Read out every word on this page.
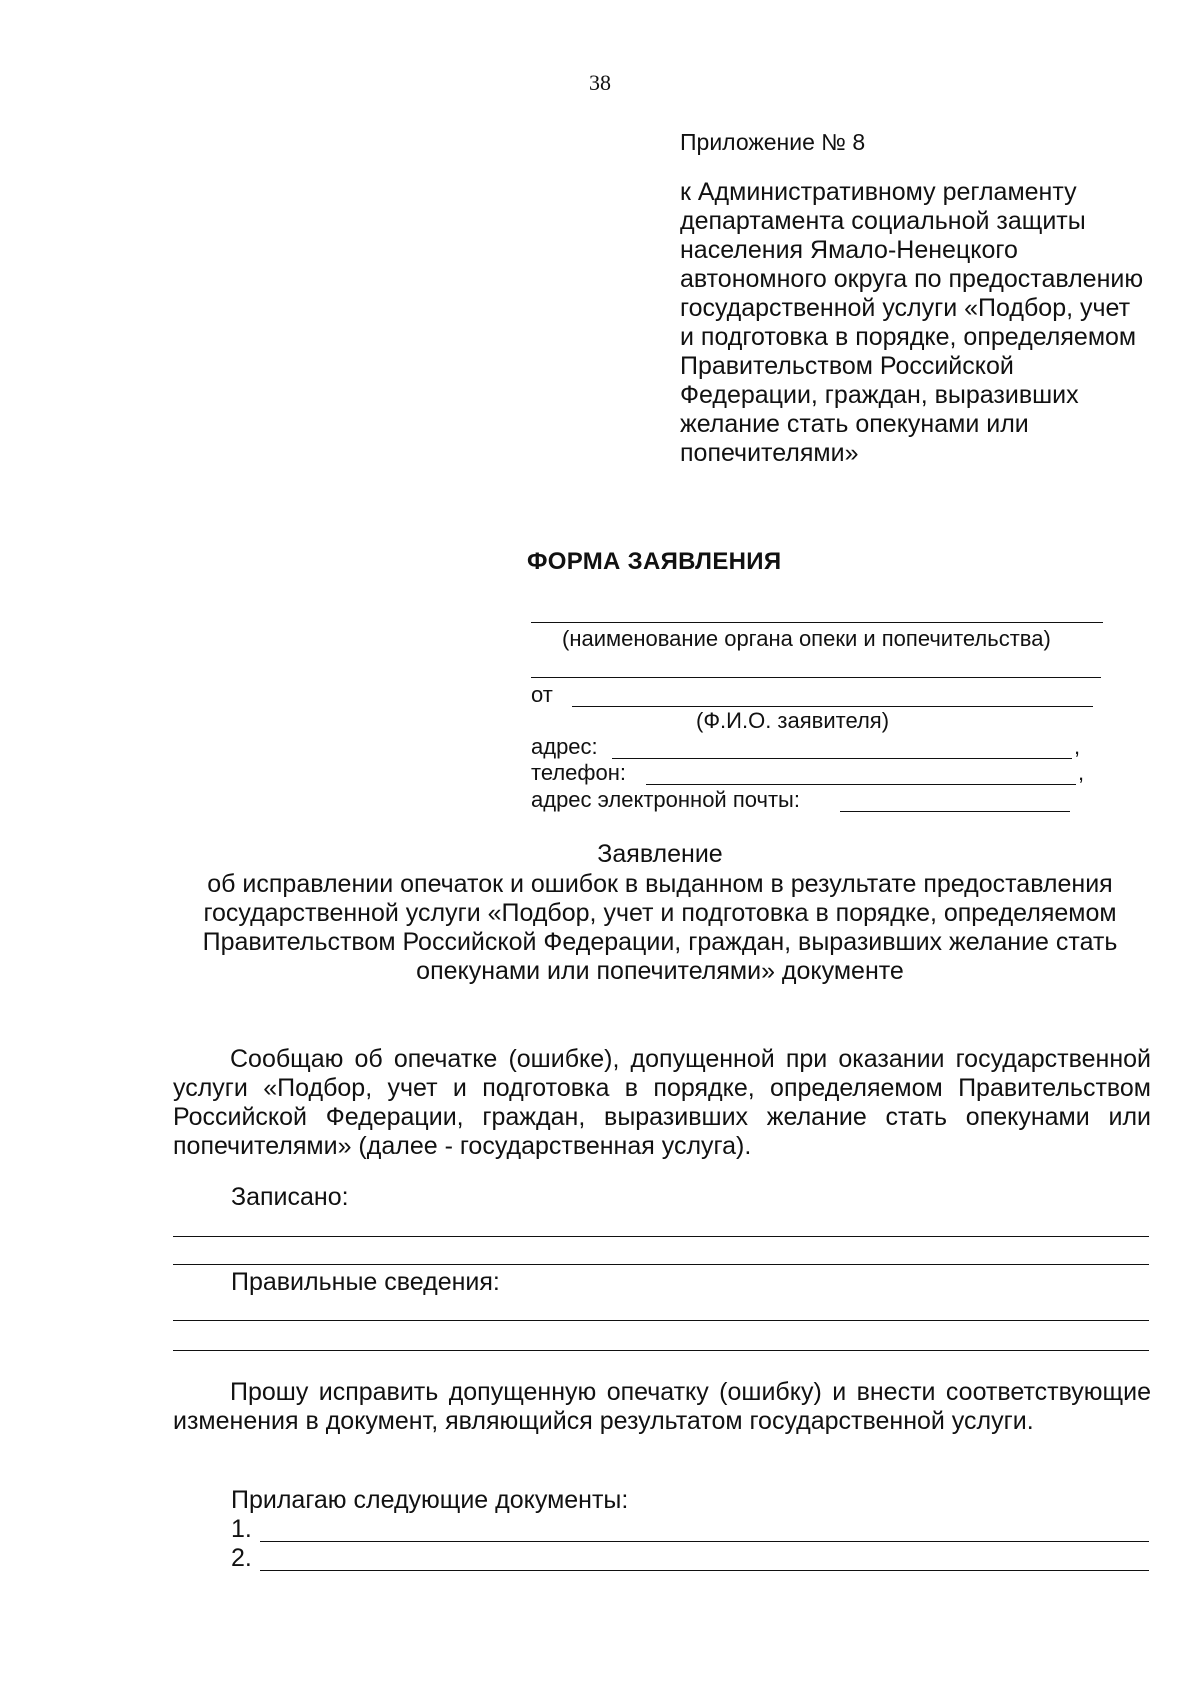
38
Приложение № 8
к Административному регламенту департамента социальной защиты населения Ямало-Ненецкого автономного округа по предоставлению государственной услуги «Подбор, учет и подготовка в порядке, определяемом Правительством Российской Федерации, граждан, выразивших желание стать опекунами или попечителями»
ФОРМА ЗАЯВЛЕНИЯ
(наименование органа опеки и попечительства)
от
(Ф.И.О. заявителя)
адрес:	,
телефон:	,
адрес электронной почты:
Заявление
об исправлении опечаток и ошибок в выданном в результате предоставления государственной услуги «Подбор, учет и подготовка в порядке, определяемом Правительством Российской Федерации, граждан, выразивших желание стать опекунами или попечителями» документе
Сообщаю об опечатке (ошибке), допущенной при оказании государственной услуги «Подбор, учет и подготовка в порядке, определяемом Правительством Российской Федерации, граждан, выразивших желание стать опекунами или попечителями» (далее - государственная услуга).
Записано:
Правильные сведения:
Прошу исправить допущенную опечатку (ошибку) и внести соответствующие изменения в документ, являющийся результатом государственной услуги.
Прилагаю следующие документы:
1.
2.
